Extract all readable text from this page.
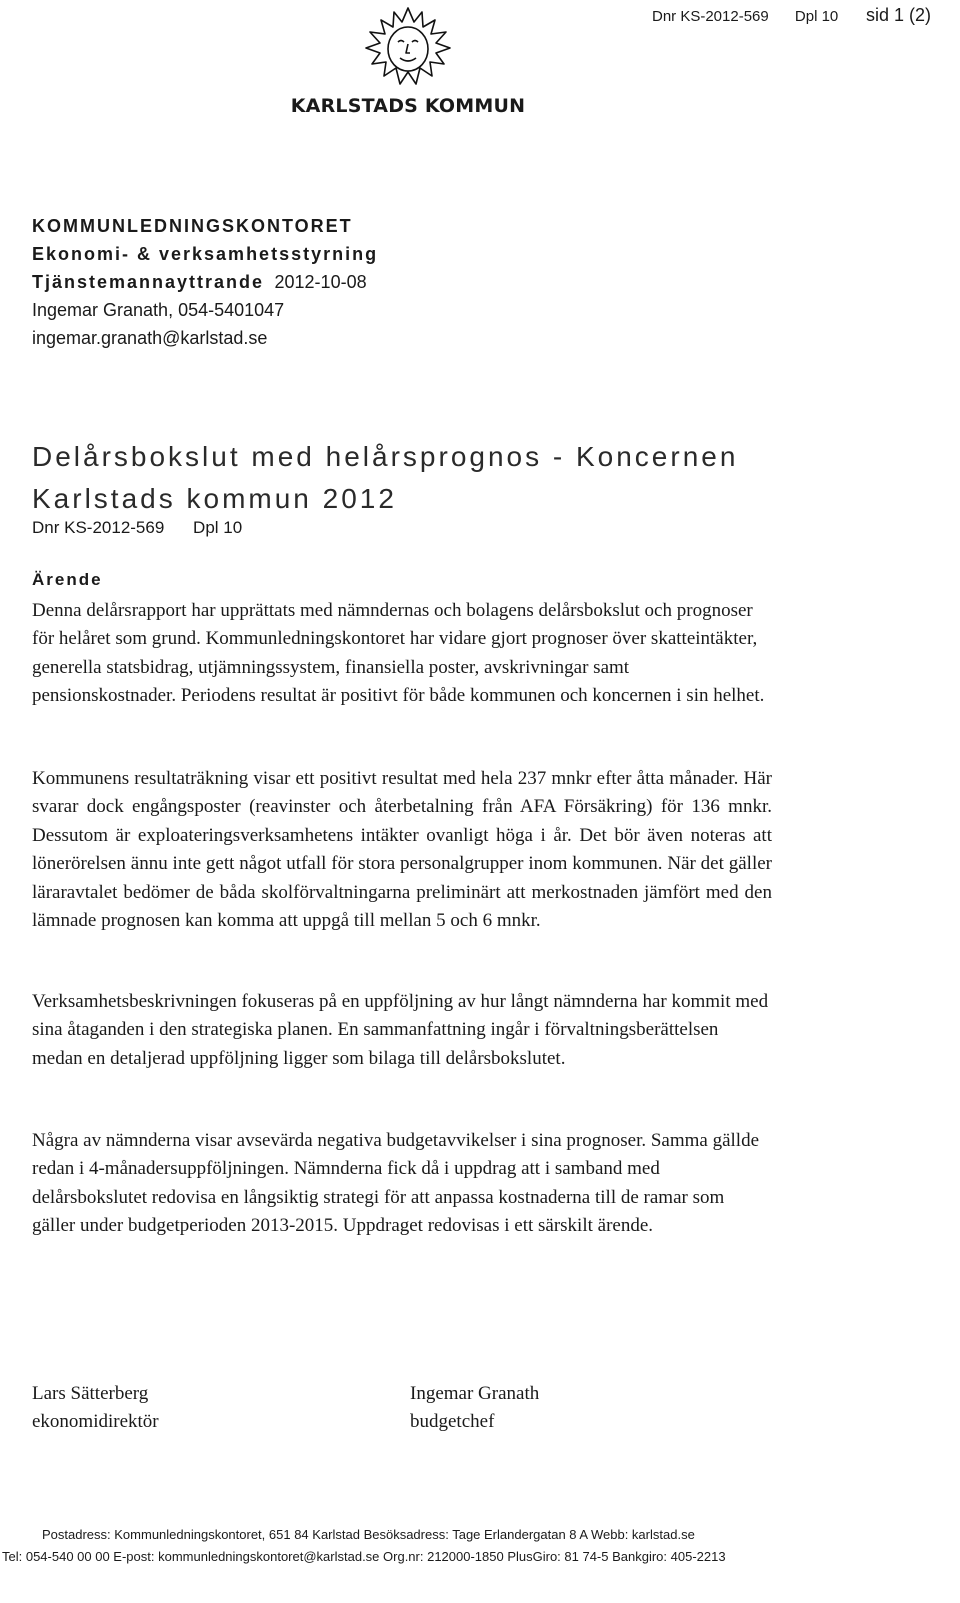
Dnr KS-2012-569 Dpl 10 sid 1 (2)
KARLSTADS KOMMUN
KOMMUNLEDNINGSKONTORET
Ekonomi- & verksamhetsstyrning
Tjänstemannayttrande 2012-10-08
Ingemar Granath, 054-5401047
ingemar.granath@karlstad.se
Delårsbokslut med helårsprognos - Koncernen
Karlstads kommun 2012
Dnr KS-2012-569 Dpl 10
Ärende
Denna delårsrapport har upprättats med nämndernas och bolagens delårsbokslut och prognoser för helåret som grund. Kommunledningskontoret har vidare gjort prognoser över skatteintäkter, generella statsbidrag, utjämningssystem, finansiella poster, avskrivningar samt pensionskostnader. Periodens resultat är positivt för både kommunen och koncernen i sin helhet.
Kommunens resultaträkning visar ett positivt resultat med hela 237 mnkr efter åtta månader. Här svarar dock engångsposter (reavinster och återbetalning från AFA Försäkring) för 136 mnkr. Dessutom är exploateringsverksamhetens intäkter ovanligt höga i år. Det bör även noteras att lönerörelsen ännu inte gett något utfall för stora personalgrupper inom kommunen. När det gäller läraravtalet bedömer de båda skolförvaltningarna preliminärt att merkostnaden jämfört med den lämnade prognosen kan komma att uppgå till mellan 5 och 6 mnkr.
Verksamhetsbeskrivningen fokuseras på en uppföljning av hur långt nämnderna har kommit med sina åtaganden i den strategiska planen. En sammanfattning ingår i förvaltningsberättelsen medan en detaljerad uppföljning ligger som bilaga till delårsbokslutet.
Några av nämnderna visar avsevärda negativa budgetavvikelser i sina prognoser. Samma gällde redan i 4-månadersuppföljningen. Nämnderna fick då i uppdrag att i samband med delårsbokslutet redovisa en långsiktig strategi för att anpassa kostnaderna till de ramar som gäller under budgetperioden 2013-2015. Uppdraget redovisas i ett särskilt ärende.
Lars Sätterberg
ekonomidirektör
Ingemar Granath
budgetchef
Postadress: Kommunledningskontoret, 651 84 Karlstad Besöksadress: Tage Erlandergatan 8 A Webb: karlstad.se
Tel: 054-540 00 00 E-post: kommunledningskontoret@karlstad.se Org.nr: 212000-1850 PlusGiro: 81 74-5 Bankgiro: 405-2213
